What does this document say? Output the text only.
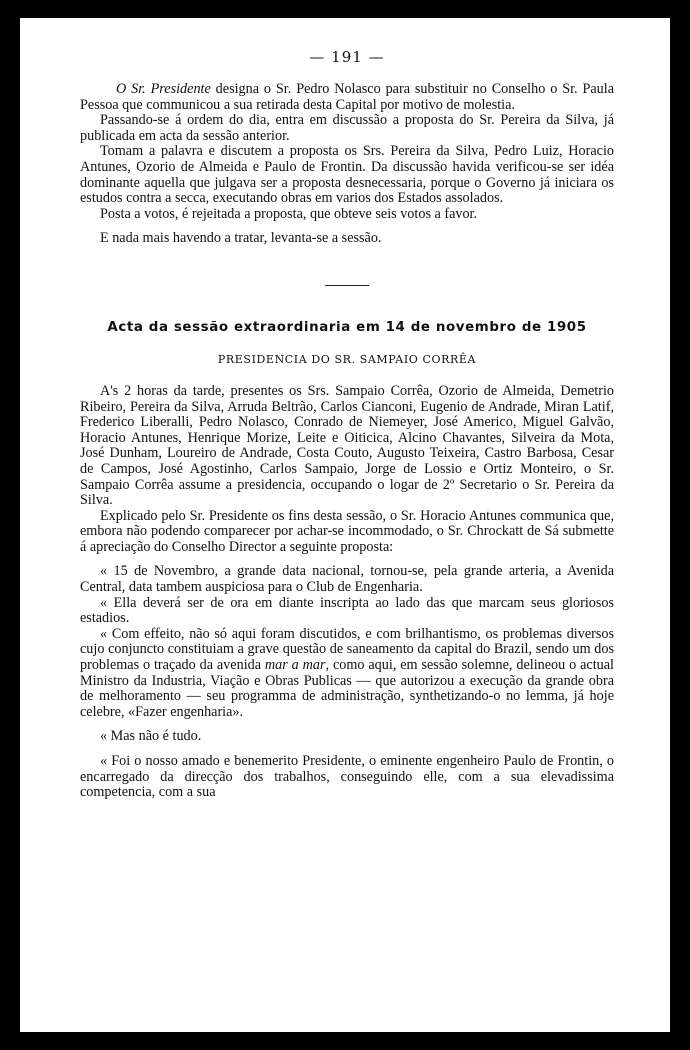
— 191 —

O Sr. Presidente designa o Sr. Pedro Nolasco para substituir no Conselho o Sr. Paula Pessoa que communicou a sua retirada desta Capital por motivo de molestia.

Passando-se á ordem do dia, entra em discussão a proposta do Sr. Pereira da Silva, já publicada em acta da sessão anterior.

Tomam a palavra e discutem a proposta os Srs. Pereira da Silva, Pedro Luiz, Horacio Antunes, Ozorio de Almeida e Paulo de Frontin. Da discussão havida verificou-se ser idéa dominante aquella que julgava ser a proposta desnecessaria, porque o Governo já iniciara os estudos contra a secca, executando obras em varios dos Estados assolados.

Posta a votos, é rejeitada a proposta, que obteve seis votos a favor.

E nada mais havendo a tratar, levanta-se a sessão.

Acta da sessão extraordinaria em 14 de novembro de 1905
PRESIDENCIA DO SR. SAMPAIO CORRÊA

A's 2 horas da tarde, presentes os Srs. Sampaio Corrêa, Ozorio de Almeida, Demetrio Ribeiro, Pereira da Silva, Arruda Beltrão, Carlos Cianconi, Eugenio de Andrade, Miran Latif, Frederico Liberalli, Pedro Nolasco, Conrado de Niemeyer, José Americo, Miguel Galvão, Horacio Antunes, Henrique Morize, Leite e Oiticica, Alcino Chavantes, Silveira da Mota, José Dunham, Loureiro de Andrade, Costa Couto, Augusto Teixeira, Castro Barbosa, Cesar de Campos, José Agostinho, Carlos Sampaio, Jorge de Lossio e Ortiz Monteiro, o Sr. Sampaio Corrêa assume a presidencia, occupando o logar de 2º Secretario o Sr. Pereira da Silva.

Explicado pelo Sr. Presidente os fins desta sessão, o Sr. Horacio Antunes communica que, embora não podendo comparecer por achar-se incommodado, o Sr. Chrockatt de Sá submette á apreciação do Conselho Director a seguinte proposta:

« 15 de Novembro, a grande data nacional, tornou-se, pela grande arteria, a Avenida Central, data tambem auspiciosa para o Club de Engenharia.

« Ella deverá ser de ora em diante inscripta ao lado das que marcam seus gloriosos estadios.

« Com effeito, não só aqui foram discutidos, e com brilhantismo, os problemas diversos cujo conjuncto constituiam a grave questão de saneamento da capital do Brazil, sendo um dos problemas o traçado da avenida mar a mar, como aqui, em sessão solemne, delineou o actual Ministro da Industria, Viação e Obras Publicas — que autorizou a execução da grande obra de melhoramento — seu programma de administração, synthetizando-o no lemma, já hoje celebre, «Fazer engenharia».

« Mas não é tudo.

« Foi o nosso amado e benemerito Presidente, o eminente engenheiro Paulo de Frontin, o encarregado da direcção dos trabalhos, conseguindo elle, com a sua elevadissima competencia, com a sua
